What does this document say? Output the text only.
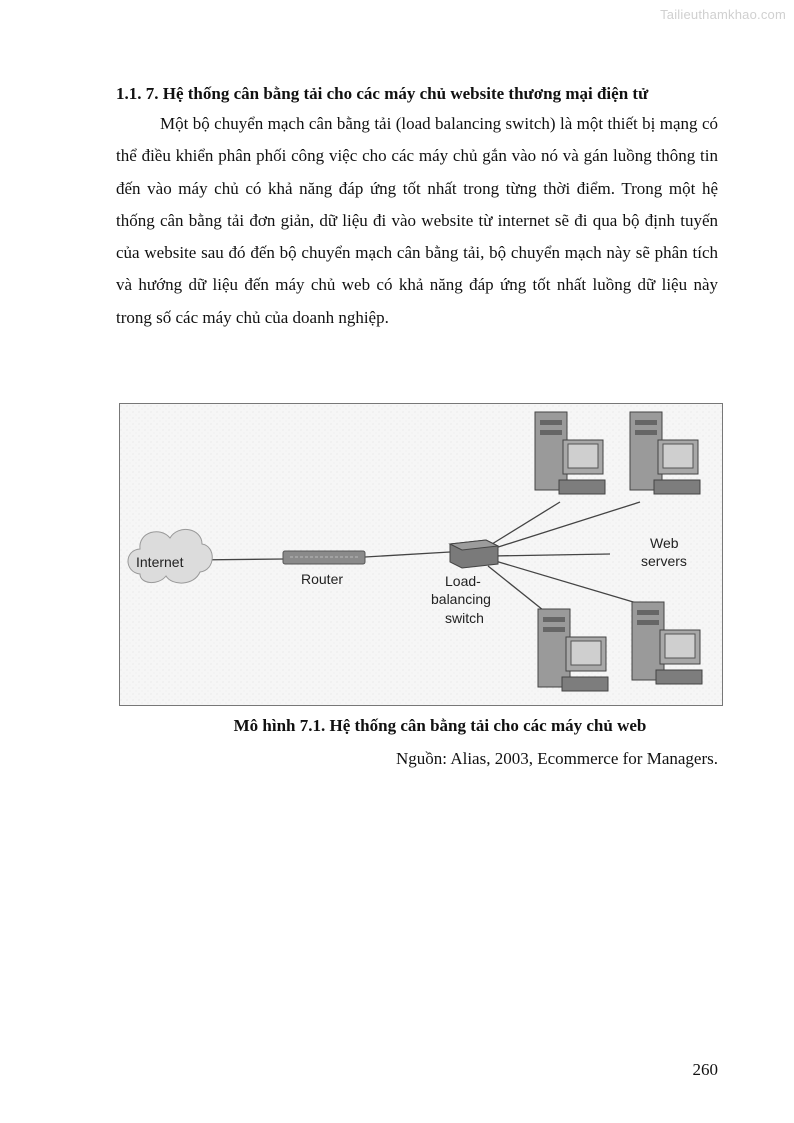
Tailieuthamkhao.com
1.1. 7. Hệ thống cân bằng tải cho các máy chủ website thương mại điện tử

Một bộ chuyển mạch cân bằng tải (load balancing switch) là một thiết bị mạng có thể điều khiển phân phối công việc cho các máy chủ gắn vào nó và gán luồng thông tin đến vào máy chủ có khả năng đáp ứng tốt nhất trong từng thời điểm. Trong một hệ thống cân bằng tải đơn giản, dữ liệu đi vào website từ internet sẽ đi qua bộ định tuyến của website sau đó đến bộ chuyển mạch cân bằng tải, bộ chuyển mạch này sẽ phân tích và hướng dữ liệu đến máy chủ web có khả năng đáp ứng tốt nhất luồng dữ liệu này trong số các máy chủ của doanh nghiệp.

Internet
Router	Load-
balancing
switch
Web
servers
Mô hình 7.1. Hệ thống cân bằng tải cho các máy chủ web
Nguồn: Alias, 2003, Ecommerce for Managers.
260
